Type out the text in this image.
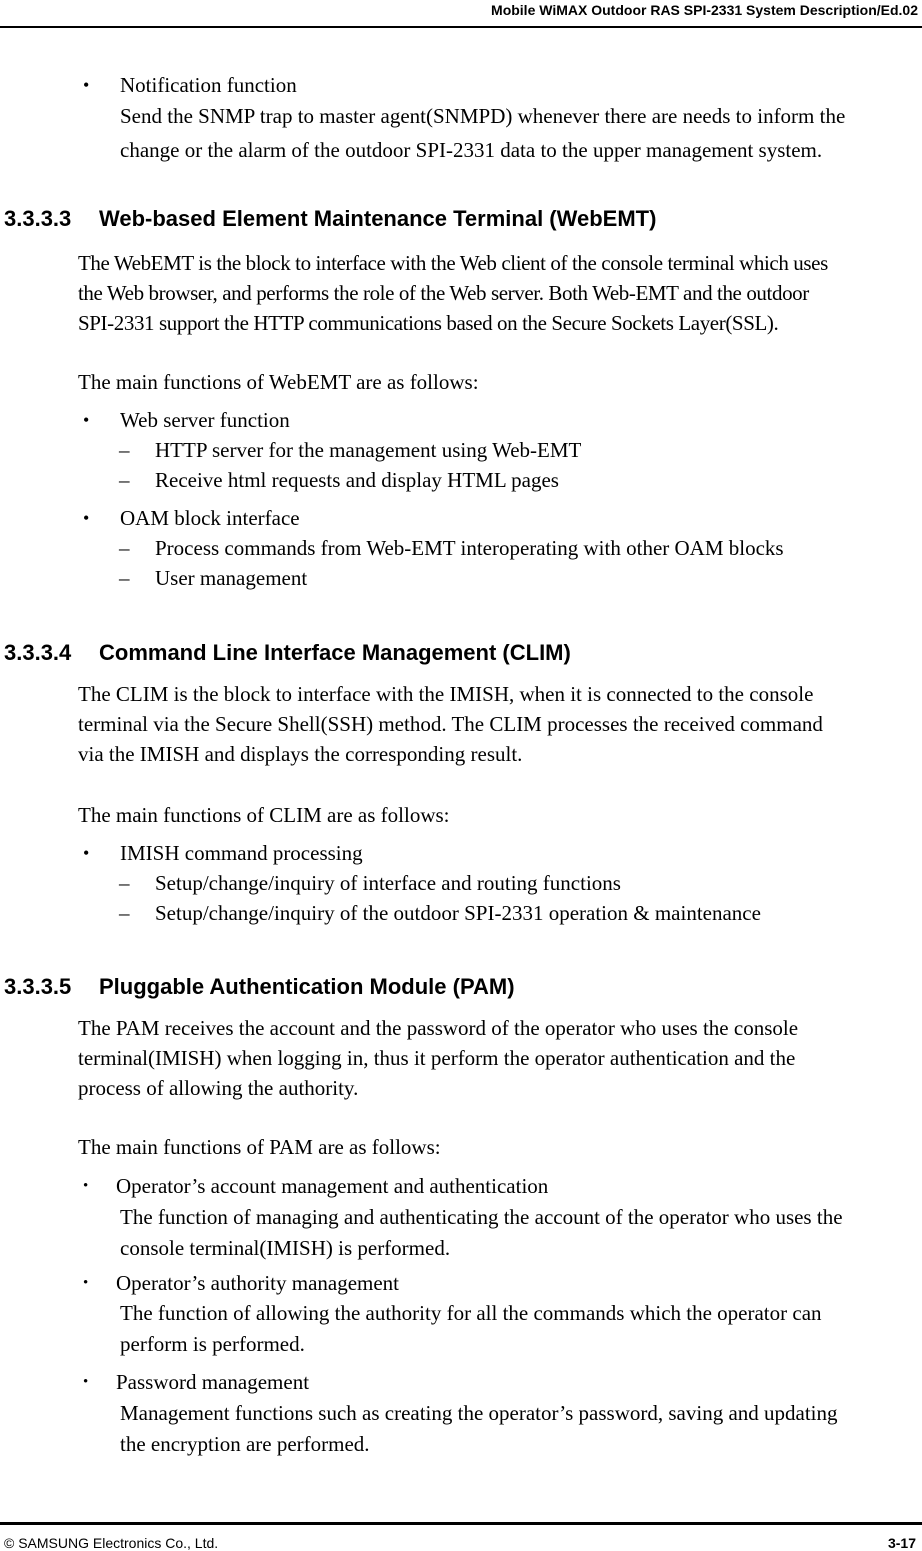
Mobile WiMAX Outdoor RAS SPI-2331 System Description/Ed.02
• Notification function
Send the SNMP trap to master agent(SNMPD) whenever there are needs to inform the
change or the alarm of the outdoor SPI-2331 data to the upper management system.
3.3.3.3 Web-based Element Maintenance Terminal (WebEMT)
The WebEMT is the block to interface with the Web client of the console terminal which uses
the Web browser, and performs the role of the Web server. Both Web-EMT and the outdoor
SPI-2331 support the HTTP communications based on the Secure Sockets Layer(SSL).
The main functions of WebEMT are as follows:
• Web server function
– HTTP server for the management using Web-EMT
– Receive html requests and display HTML pages
• OAM block interface
– Process commands from Web-EMT interoperating with other OAM blocks
– User management
3.3.3.4 Command Line Interface Management (CLIM)
The CLIM is the block to interface with the IMISH, when it is connected to the console
terminal via the Secure Shell(SSH) method. The CLIM processes the received command
via the IMISH and displays the corresponding result.
The main functions of CLIM are as follows:
• IMISH command processing
– Setup/change/inquiry of interface and routing functions
– Setup/change/inquiry of the outdoor SPI-2331 operation & maintenance
3.3.3.5 Pluggable Authentication Module (PAM)
The PAM receives the account and the password of the operator who uses the console
terminal(IMISH) when logging in, thus it perform the operator authentication and the
process of allowing the authority.
The main functions of PAM are as follows:
• Operator’s account management and authentication
The function of managing and authenticating the account of the operator who uses the
console terminal(IMISH) is performed.
• Operator’s authority management
The function of allowing the authority for all the commands which the operator can
perform is performed.
• Password management
Management functions such as creating the operator’s password, saving and updating
the encryption are performed.
© SAMSUNG Electronics Co., Ltd.	3-17
